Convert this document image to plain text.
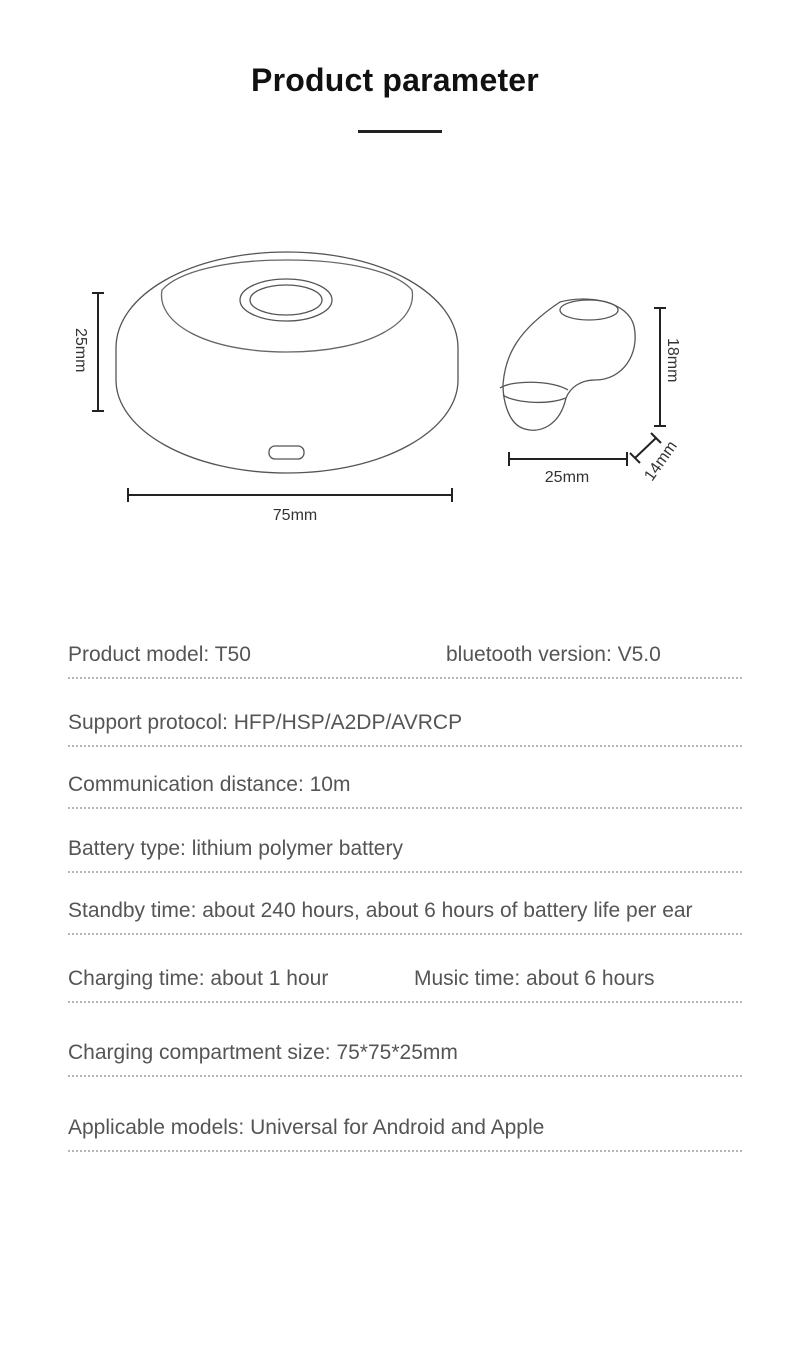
Product parameter
25mm
75mm
18mm
25mm	14mm
Product model: T50	bluetooth version: V5.0
Support protocol: HFP/HSP/A2DP/AVRCP
Communication distance: 10m
Battery type: lithium polymer battery
Standby time: about 240 hours, about 6 hours of battery life per ear
Charging time: about 1 hour	Music time: about 6 hours
Charging compartment size: 75*75*25mm
Applicable models: Universal for Android and Apple
